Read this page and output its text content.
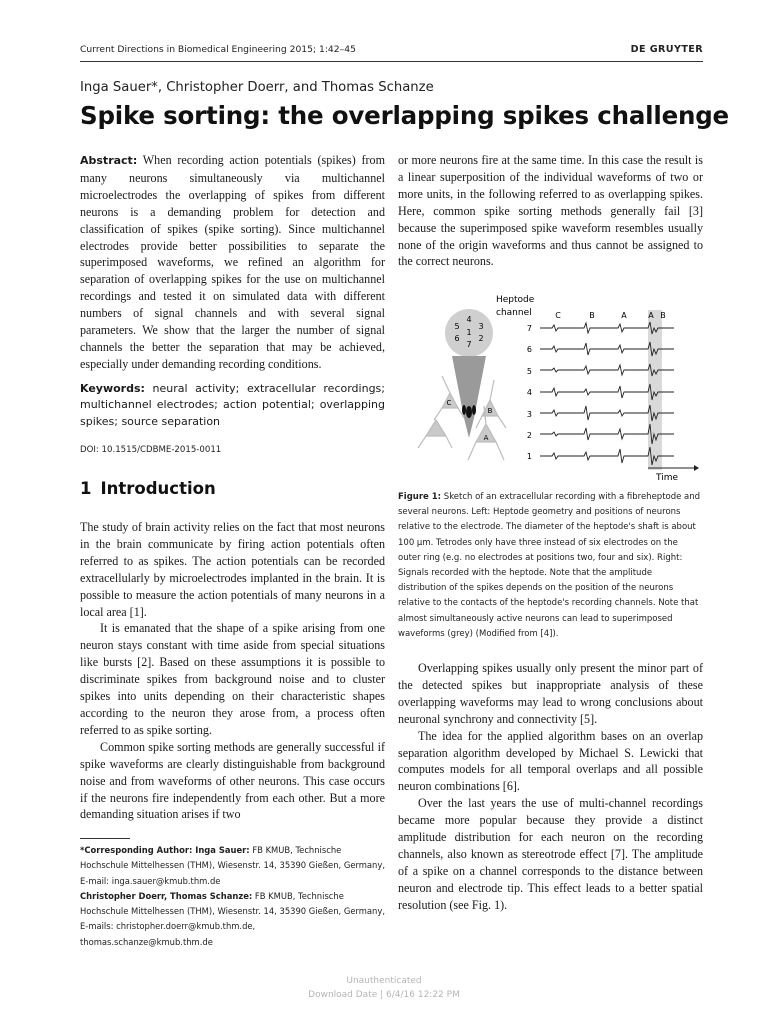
Current Directions in Biomedical Engineering 2015; 1:42–45	DE GRUYTER
Inga Sauer*, Christopher Doerr, and Thomas Schanze
Spike sorting: the overlapping spikes challenge

Abstract: When recording action potentials (spikes) from many neurons simultaneously via multichannel microelectrodes the overlapping of spikes from different neurons is a demanding problem for detection and classification of spikes (spike sorting). Since multichannel electrodes provide better possibilities to separate the superimposed waveforms, we refined an algorithm for separation of overlapping spikes for the use on multichannel recordings and tested it on simulated data with different numbers of signal channels and with several signal parameters. We show that the larger the number of signal channels the better the separation that may be achieved, especially under demanding recording conditions.

Keywords: neural activity; extracellular recordings; multichannel electrodes; action potential; overlapping spikes; source separation

DOI: 10.1515/CDBME-2015-0011
1 Introduction

The study of brain activity relies on the fact that most neurons in the brain communicate by firing action potentials often referred to as spikes. The action potentials can be recorded extracellularly by microelectrodes implanted in the brain. It is possible to measure the action potentials of many neurons in a local area [1].

It is emanated that the shape of a spike arising from one neuron stays constant with time aside from special situations like bursts [2]. Based on these assumptions it is possible to discriminate spikes from background noise and to cluster spikes into units depending on their characteristic shapes according to the neuron they arose from, a process often referred to as spike sorting.

Common spike sorting methods are generally successful if spike waveforms are clearly distinguishable from background noise and from waveforms of other neurons. This case occurs if the neurons fire independently from each other. But a more demanding situation arises if two

*Corresponding Author: Inga Sauer: FB KMUB, Technische Hochschule Mittelhessen (THM), Wiesenstr. 14, 35390 Gießen, Germany, E-mail: inga.sauer@kmub.thm.de
Christopher Doerr, Thomas Schanze: FB KMUB, Technische Hochschule Mittelhessen (THM), Wiesenstr. 14, 35390 Gießen, Germany, E-mails: christopher.doerr@kmub.thm.de, thomas.schanze@kmub.thm.de

or more neurons fire at the same time. In this case the result is a linear superposition of the individual waveforms of two or more units, in the following referred to as overlapping spikes. Here, common spike sorting methods generally fail [3] because the superimposed spike waveform resembles usually none of the origin waveforms and thus cannot be assigned to the correct neurons.

4
5 3
1
6 2
7
C
B
A
Heptode
channel	C	B	A	A B
7
6
5
4
3
2
1
Time
Figure 1: Sketch of an extracellular recording with a fibreheptode and several neurons. Left: Heptode geometry and positions of neurons relative to the electrode. The diameter of the heptode's shaft is about 100 μm. Tetrodes only have three instead of six electrodes on the outer ring (e.g. no electrodes at positions two, four and six). Right: Signals recorded with the heptode. Note that the amplitude distribution of the spikes depends on the position of the neurons relative to the contacts of the heptode's recording channels. Note that almost simultaneously active neurons can lead to superimposed waveforms (grey) (Modified from [4]).

Overlapping spikes usually only present the minor part of the detected spikes but inappropriate analysis of these overlapping waveforms may lead to wrong conclusions about neuronal synchrony and connectivity [5].

The idea for the applied algorithm bases on an overlap separation algorithm developed by Michael S. Lewicki that computes models for all temporal overlaps and all possible neuron combinations [6].

Over the last years the use of multi-channel recordings became more popular because they provide a distinct amplitude distribution for each neuron on the recording channels, also known as stereotrode effect [7]. The amplitude of a spike on a channel corresponds to the distance between neuron and electrode tip. This effect leads to a better spatial resolution (see Fig. 1).

Unauthenticated
Download Date | 6/4/16 12:22 PM
